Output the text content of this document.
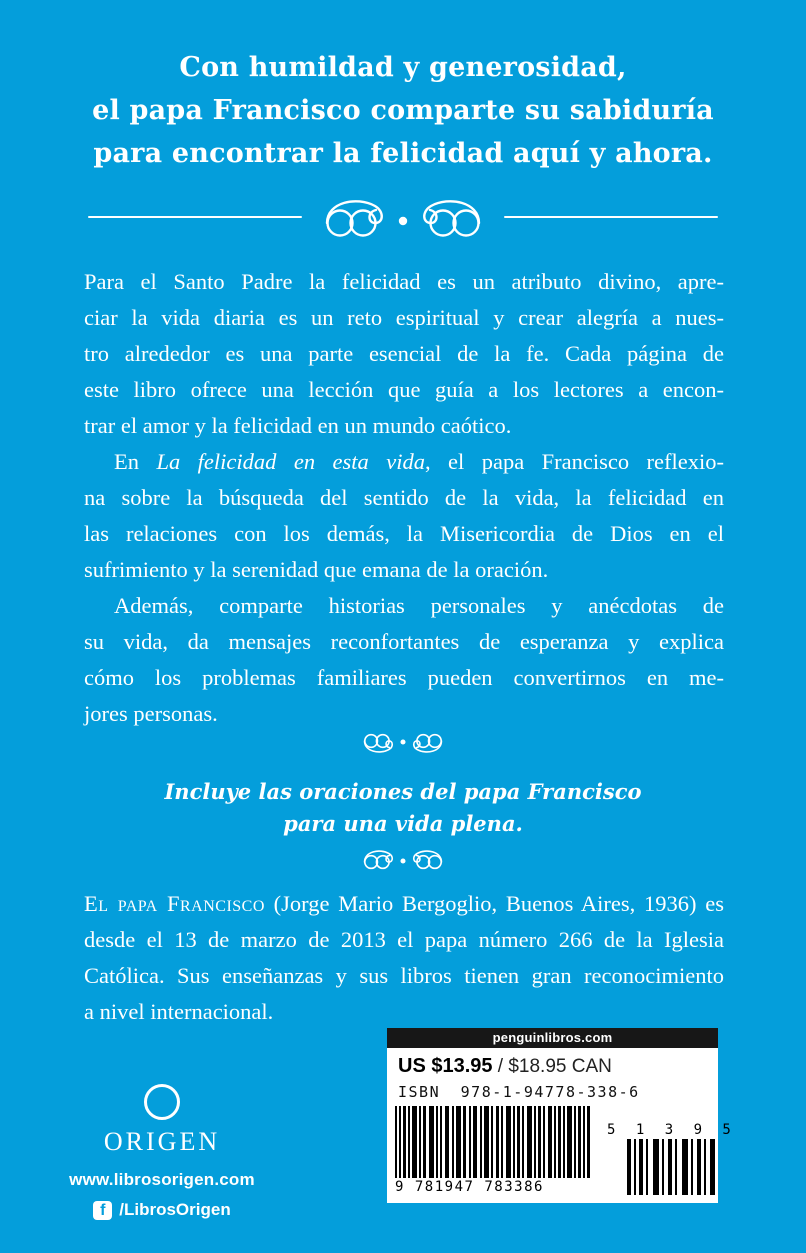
Con humildad y generosidad,
el papa Francisco comparte su sabiduría
para encontrar la felicidad aquí y ahora.
Para el Santo Padre la felicidad es un atributo divino, apre-
ciar la vida diaria es un reto espiritual y crear alegría a nues-
tro alrededor es una parte esencial de la fe. Cada página de
este libro ofrece una lección que guía a los lectores a encon-
trar el amor y la felicidad en un mundo caótico.
En La felicidad en esta vida, el papa Francisco reflexio-
na sobre la búsqueda del sentido de la vida, la felicidad en
las relaciones con los demás, la Misericordia de Dios en el
sufrimiento y la serenidad que emana de la oración.
Además, comparte historias personales y anécdotas de
su vida, da mensajes reconfortantes de esperanza y explica
cómo los problemas familiares pueden convertirnos en me-
jores personas.
Incluye las oraciones del papa Francisco
para una vida plena.
El papa Francisco (Jorge Mario Bergoglio, Buenos Aires, 1936) es
desde el 13 de marzo de 2013 el papa número 266 de la Iglesia
Católica. Sus enseñanzas y sus libros tienen gran reconocimiento
a nivel internacional.
ORIGEN
www.librosorigen.com
f /LibrosOrigen
penguinlibros.com
US $13.95 / $18.95 CAN
ISBN 978-1-94778-338-6
9 781947 783386
5 1 3 9 5
